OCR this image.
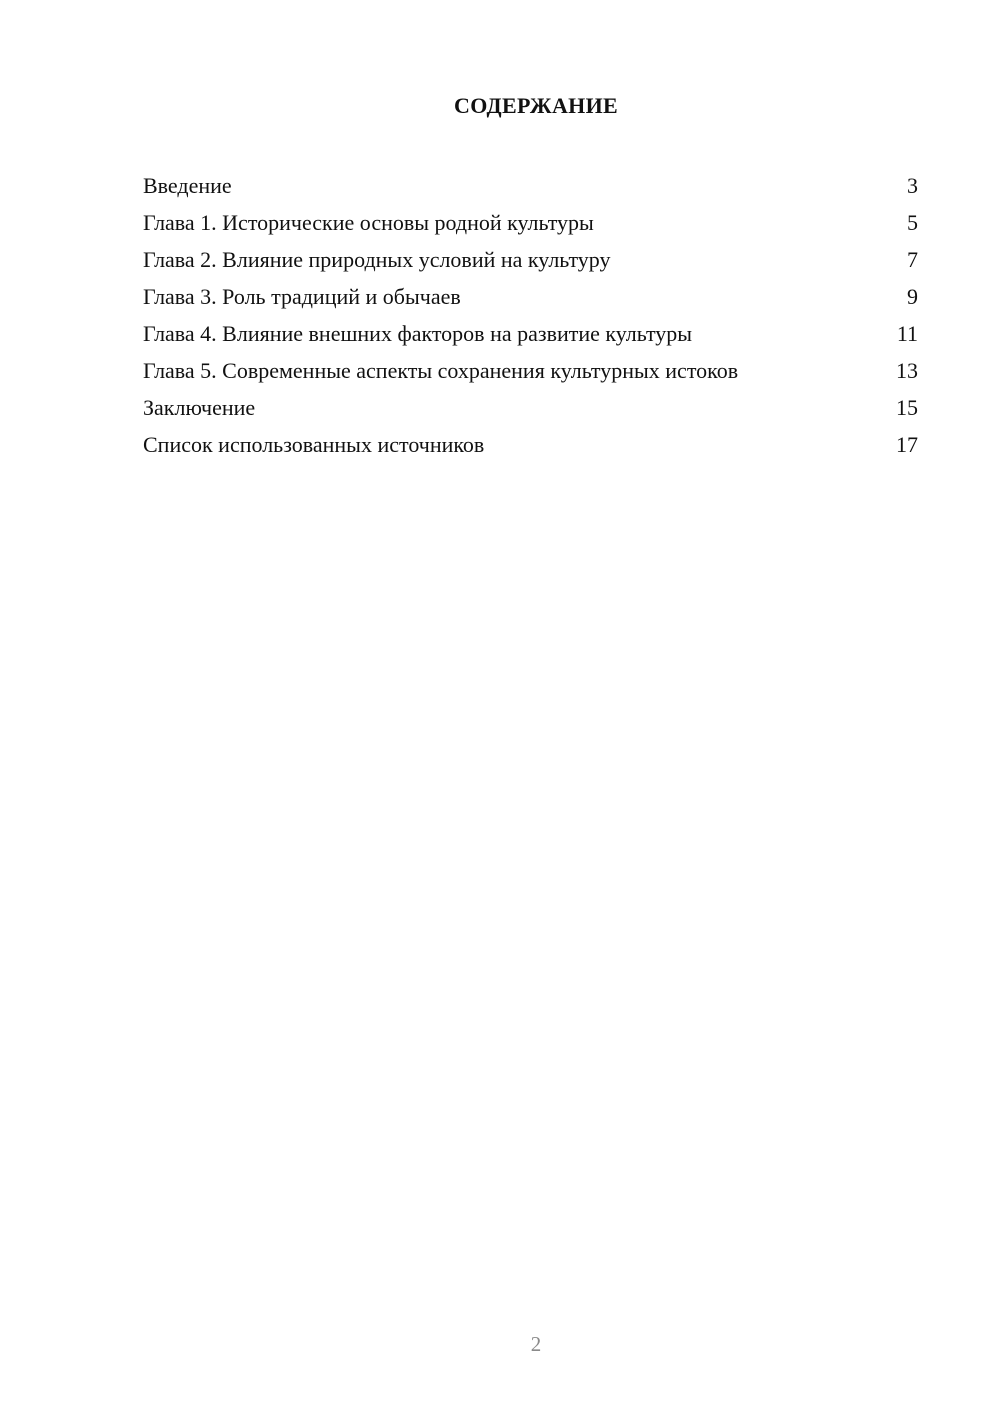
СОДЕРЖАНИЕ
Введение	3
Глава 1. Исторические основы родной культуры	5
Глава 2. Влияние природных условий на культуру	7
Глава 3. Роль традиций и обычаев	9
Глава 4. Влияние внешних факторов на развитие культуры	11
Глава 5. Современные аспекты сохранения культурных истоков	13
Заключение	15
Список использованных источников	17
2
